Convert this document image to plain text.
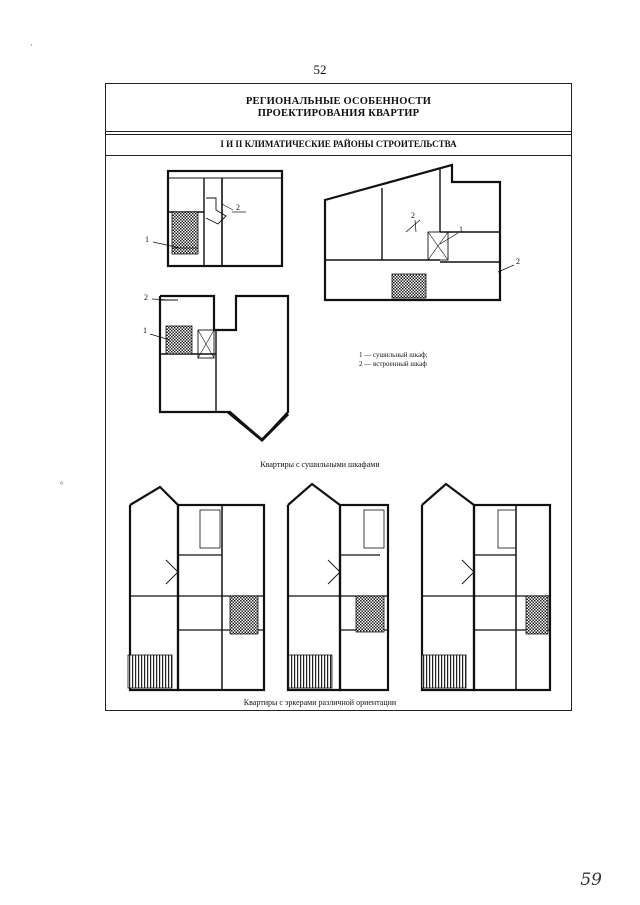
52
РЕГИОНАЛЬНЫЕ ОСОБЕННОСТИ
ПРОЕКТИРОВАНИЯ КВАРТИР
I И II КЛИМАТИЧЕСКИЕ РАЙОНЫ СТРОИТЕЛЬСТВА
1
2
2
1
2
2
1
1 — сушильный шкаф;
2 — встроенный шкаф
Квартиры с сушильными шкафами
Квартиры с эркерами различной ориентации
59
·
°
